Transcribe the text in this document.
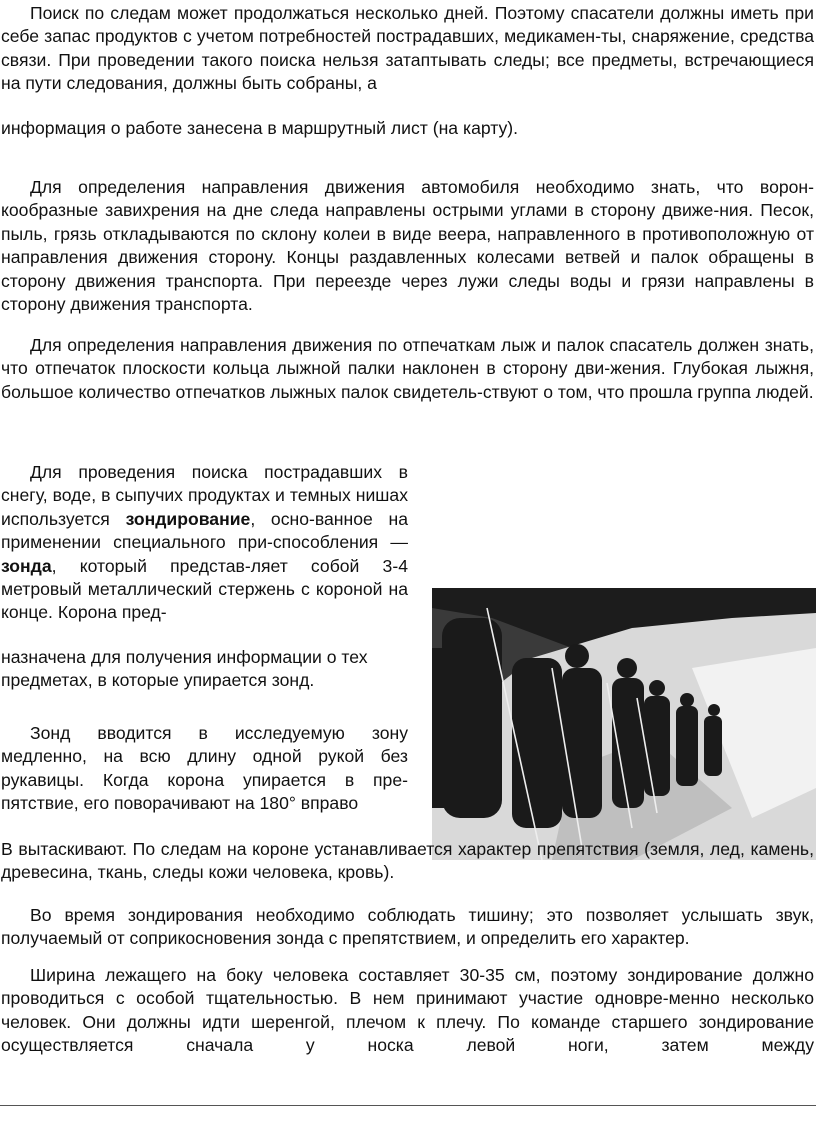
Поиск по следам может продолжаться несколько дней. Поэтому спасатели должны иметь при себе запас продуктов с учетом потребностей пострадавших, медикамен-ты, снаряжение, средства связи. При проведении такого поиска нельзя затаптывать следы; все предметы, встречающиеся на пути следования, должны быть собраны, а

информация о работе занесена в маршрутный лист (на карту).

Для определения направления движения автомобиля необходимо знать, что ворон-кообразные завихрения на дне следа направлены острыми углами в сторону движе-ния. Песок, пыль, грязь откладываются по склону колеи в виде веера, направленного в противоположную от направления движения сторону. Концы раздавленных колесами ветвей и палок обращены в сторону движения транспорта. При переезде через лужи следы воды и грязи направлены в сторону движения транспорта.

Для определения направления движения по отпечаткам лыж и палок спасатель должен знать, что отпечаток плоскости кольца лыжной палки наклонен в сторону дви-жения. Глубокая лыжня, большое количество отпечатков лыжных палок свидетель-ствуют о том, что прошла группа людей.

Для проведения поиска пострадавших в снегу, воде, в сыпучих продуктах и темных нишах используется зондирование, осно-ванное на применении специального при-способления — зонда, который представ-ляет собой 3-4 метровый металлический стержень с короной на конце. Корона пред-

назначена для получения информации о тех предметах, в которые упирается зонд.

Зонд вводится в исследуемую зону медленно, на всю длину одной рукой без рукавицы. Когда корона упирается в пре-пятствие, его поворачивают на 180° вправо

В вытаскивают. По следам на короне устанавливается характер препятствия (земля, лед, камень, древесина, ткань, следы кожи человека, кровь).

Во время зондирования необходимо соблюдать тишину; это позволяет услышать звук, получаемый от соприкосновения зонда с препятствием, и определить его характер.

Ширина лежащего на боку человека составляет 30-35 см, поэтому зондирование должно проводиться с особой тщательностью. В нем принимают участие одновре-менно несколько человек. Они должны идти шеренгой, плечом к плечу. По команде старшего зондирование осуществляется сначала у носка левой ноги, затем между
